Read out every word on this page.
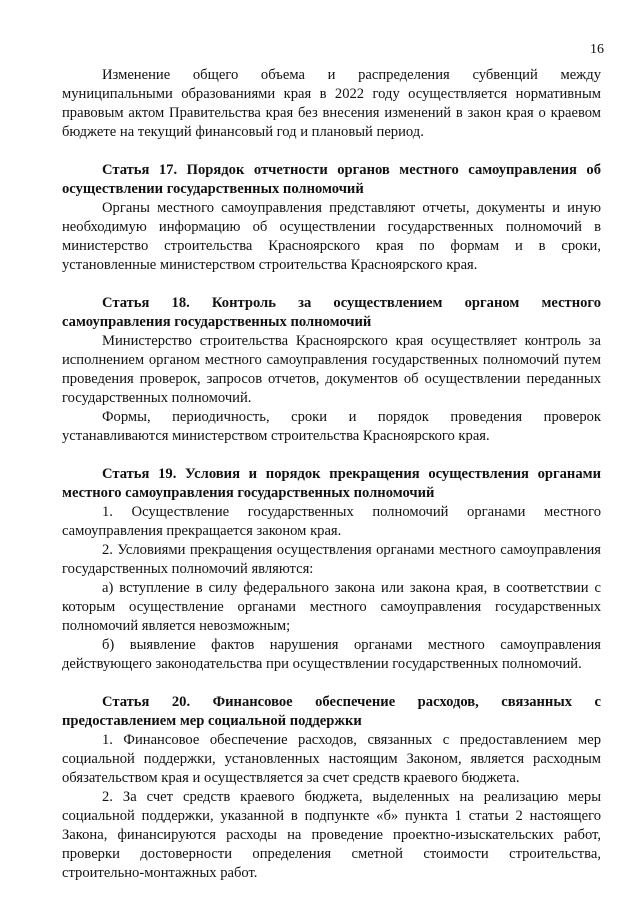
16
Изменение общего объема и распределения субвенций между муниципальными образованиями края в 2022 году осуществляется нормативным правовым актом Правительства края без внесения изменений в закон края о краевом бюджете на текущий финансовый год и плановый период.
Статья 17. Порядок отчетности органов местного самоуправления об осуществлении государственных полномочий
Органы местного самоуправления представляют отчеты, документы и иную необходимую информацию об осуществлении государственных полномочий в министерство строительства Красноярского края по формам и в сроки, установленные министерством строительства Красноярского края.
Статья 18. Контроль за осуществлением органом местного самоуправления государственных полномочий
Министерство строительства Красноярского края осуществляет контроль за исполнением органом местного самоуправления государственных полномочий путем проведения проверок, запросов отчетов, документов об осуществлении переданных государственных полномочий.
Формы, периодичность, сроки и порядок проведения проверок устанавливаются министерством строительства Красноярского края.
Статья 19. Условия и порядок прекращения осуществления органами местного самоуправления государственных полномочий
1. Осуществление государственных полномочий органами местного самоуправления прекращается законом края.
2. Условиями прекращения осуществления органами местного самоуправления государственных полномочий являются:
а) вступление в силу федерального закона или закона края, в соответствии с которым осуществление органами местного самоуправления государственных полномочий является невозможным;
б) выявление фактов нарушения органами местного самоуправления действующего законодательства при осуществлении государственных полномочий.
Статья 20. Финансовое обеспечение расходов, связанных с предоставлением мер социальной поддержки
1. Финансовое обеспечение расходов, связанных с предоставлением мер социальной поддержки, установленных настоящим Законом, является расходным обязательством края и осуществляется за счет средств краевого бюджета.
2. За счет средств краевого бюджета, выделенных на реализацию меры социальной поддержки, указанной в подпункте «б» пункта 1 статьи 2 настоящего Закона, финансируются расходы на проведение проектно-изыскательских работ, проверки достоверности определения сметной стоимости строительства, строительно-монтажных работ.
